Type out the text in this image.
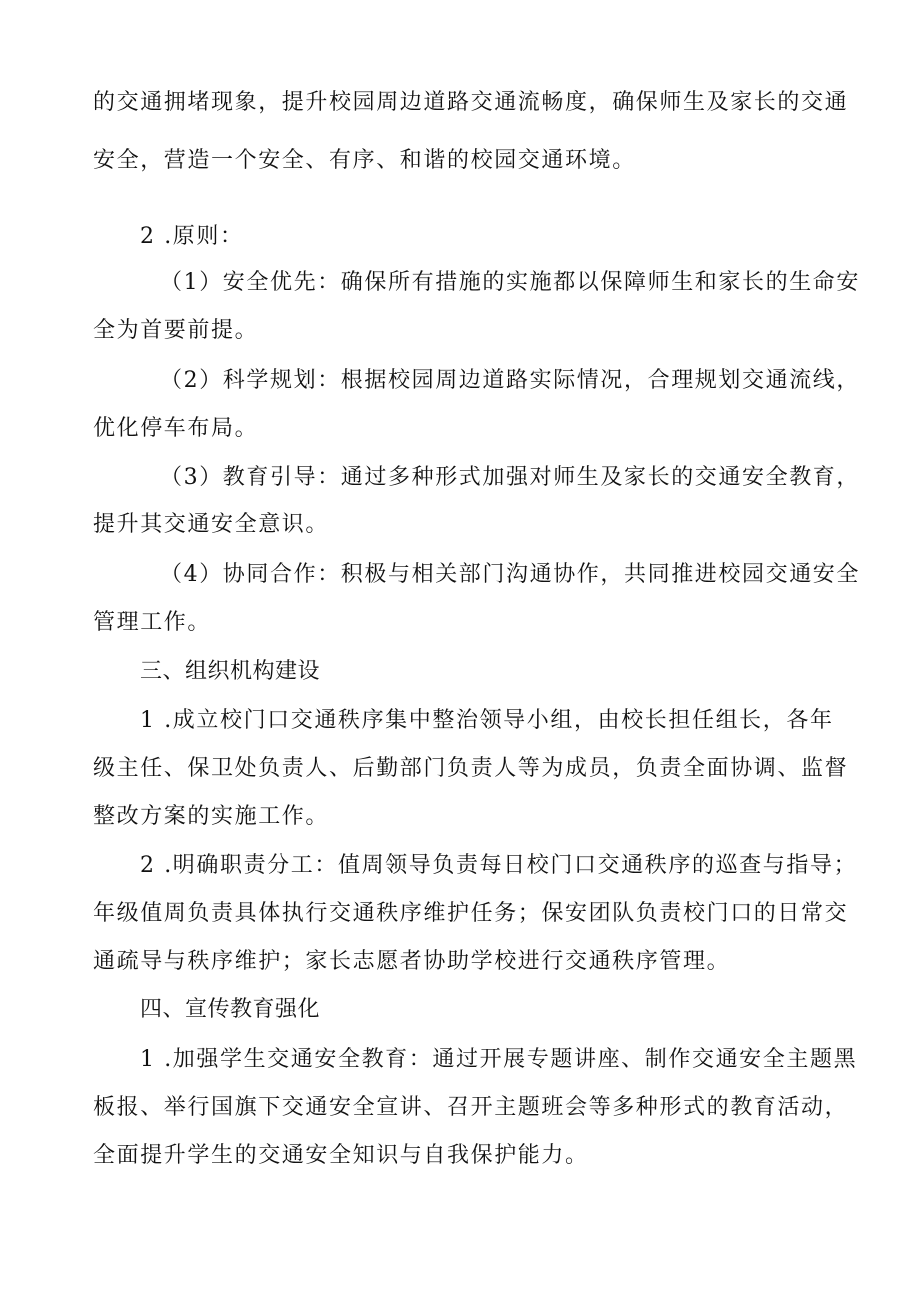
的交通拥堵现象，提升校园周边道路交通流畅度，确保师生及家长的交通
安全，营造一个安全、有序、和谐的校园交通环境。
2 .原则：
（1）安全优先：确保所有措施的实施都以保障师生和家长的生命安
全为首要前提。
（2）科学规划：根据校园周边道路实际情况，合理规划交通流线，
优化停车布局。
（3）教育引导：通过多种形式加强对师生及家长的交通安全教育，
提升其交通安全意识。
（4）协同合作：积极与相关部门沟通协作，共同推进校园交通安全
管理工作。
三、组织机构建设
1 .成立校门口交通秩序集中整治领导小组，由校长担任组长，各年
级主任、保卫处负责人、后勤部门负责人等为成员，负责全面协调、监督
整改方案的实施工作。
2 .明确职责分工：值周领导负责每日校门口交通秩序的巡查与指导；
年级值周负责具体执行交通秩序维护任务；保安团队负责校门口的日常交
通疏导与秩序维护；家长志愿者协助学校进行交通秩序管理。
四、宣传教育强化
1 .加强学生交通安全教育：通过开展专题讲座、制作交通安全主题黑
板报、举行国旗下交通安全宣讲、召开主题班会等多种形式的教育活动，
全面提升学生的交通安全知识与自我保护能力。
